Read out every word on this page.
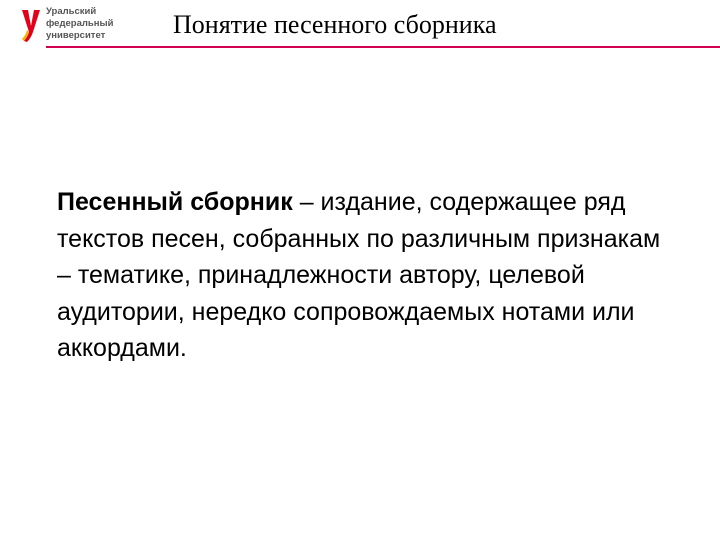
Уральский
федеральный
университет	Понятие песенного сборника
Песенный сборник – издание, содержащее ряд текстов песен, собранных по различным признакам – тематике, принадлежности автору, целевой аудитории, нередко сопровождаемых нотами или аккордами.
